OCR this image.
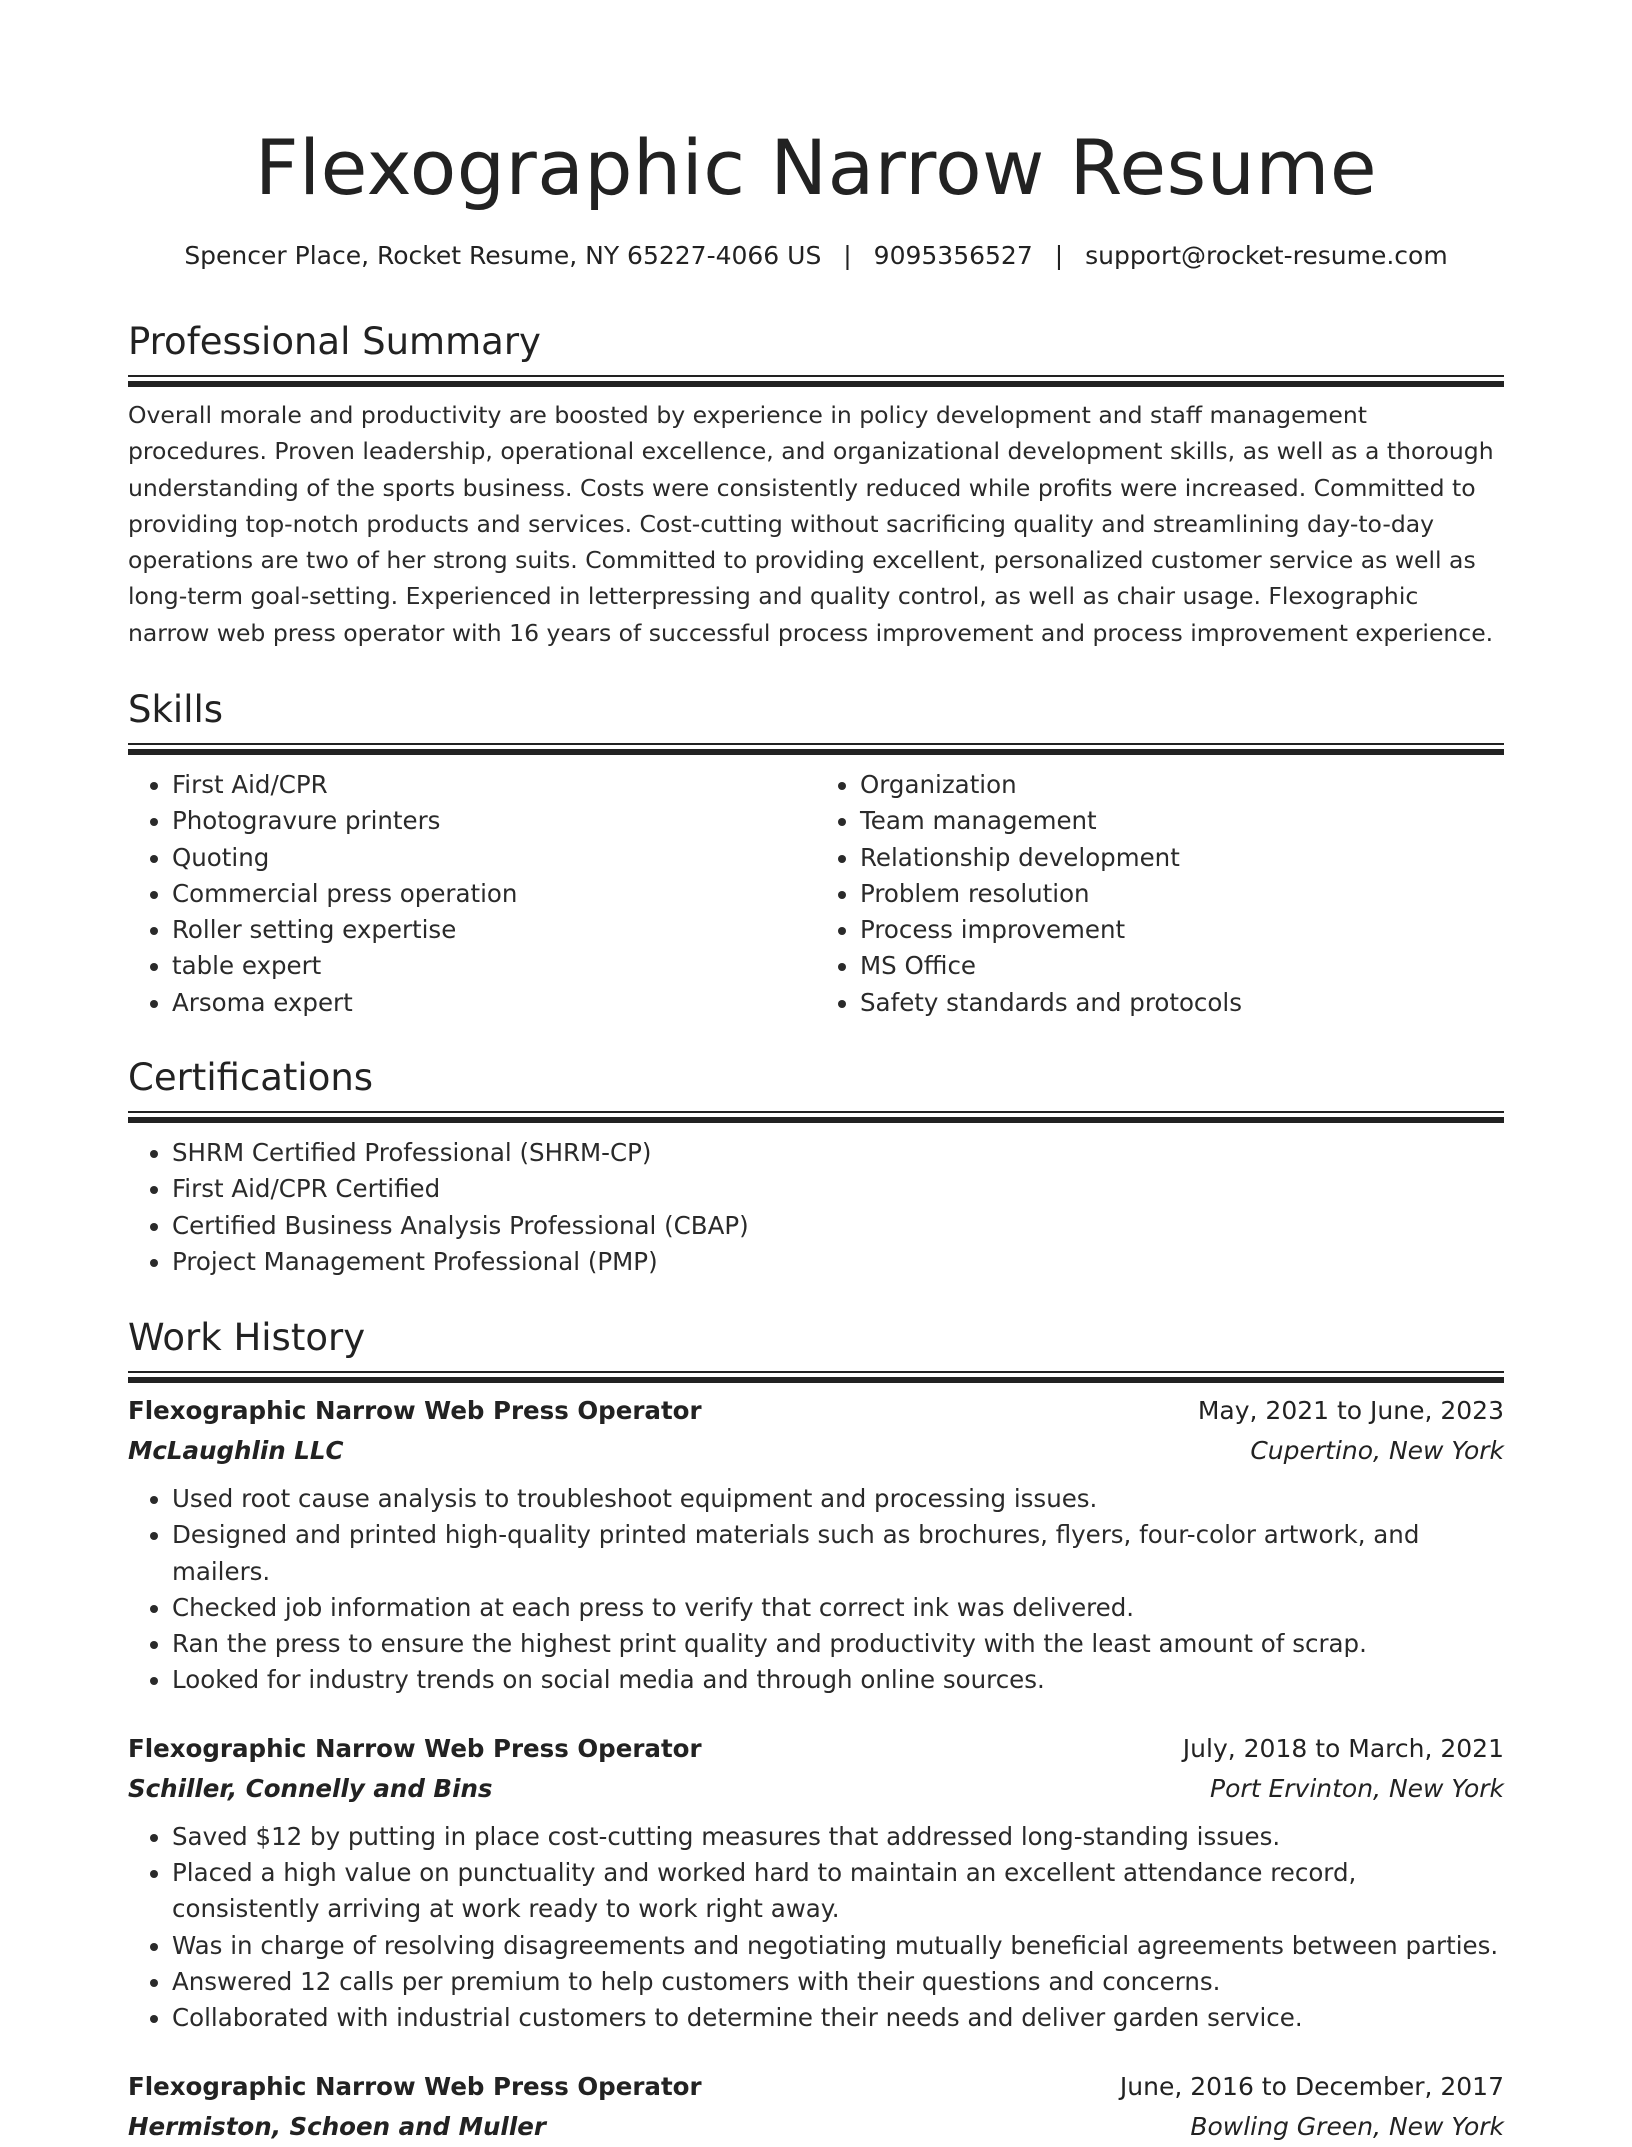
Flexographic Narrow Resume
Spencer Place, Rocket Resume, NY 65227-4066 US | 9095356527 | support@rocket-resume.com
Professional Summary

Overall morale and productivity are boosted by experience in policy development and staff management procedures. Proven leadership, operational excellence, and organizational development skills, as well as a thorough understanding of the sports business. Costs were consistently reduced while profits were increased. Committed to providing top-notch products and services. Cost-cutting without sacrificing quality and streamlining day-to-day operations are two of her strong suits. Committed to providing excellent, personalized customer service as well as long-term goal-setting. Experienced in letterpressing and quality control, as well as chair usage. Flexographic narrow web press operator with 16 years of successful process improvement and process improvement experience.

Skills
• First Aid/CPR
• Photogravure printers
• Quoting
• Commercial press operation
• Roller setting expertise
• table expert
• Arsoma expert
• Organization
• Team management
• Relationship development
• Problem resolution
• Process improvement
• MS Office
• Safety standards and protocols
Certifications
• SHRM Certified Professional (SHRM-CP)
• First Aid/CPR Certified
• Certified Business Analysis Professional (CBAP)
• Project Management Professional (PMP)
Work History
Flexographic Narrow Web Press Operator	May, 2021 to June, 2023
McLaughlin LLC	Cupertino, New York
• Used root cause analysis to troubleshoot equipment and processing issues.
• Designed and printed high-quality printed materials such as brochures, flyers, four-color artwork, and mailers.
• Checked job information at each press to verify that correct ink was delivered.
• Ran the press to ensure the highest print quality and productivity with the least amount of scrap.
• Looked for industry trends on social media and through online sources.
Flexographic Narrow Web Press Operator	July, 2018 to March, 2021
Schiller, Connelly and Bins	Port Ervinton, New York
• Saved $12 by putting in place cost-cutting measures that addressed long-standing issues.
• Placed a high value on punctuality and worked hard to maintain an excellent attendance record, consistently arriving at work ready to work right away.
• Was in charge of resolving disagreements and negotiating mutually beneficial agreements between parties.
• Answered 12 calls per premium to help customers with their questions and concerns.
• Collaborated with industrial customers to determine their needs and deliver garden service.
Flexographic Narrow Web Press Operator	June, 2016 to December, 2017
Hermiston, Schoen and Muller	Bowling Green, New York
